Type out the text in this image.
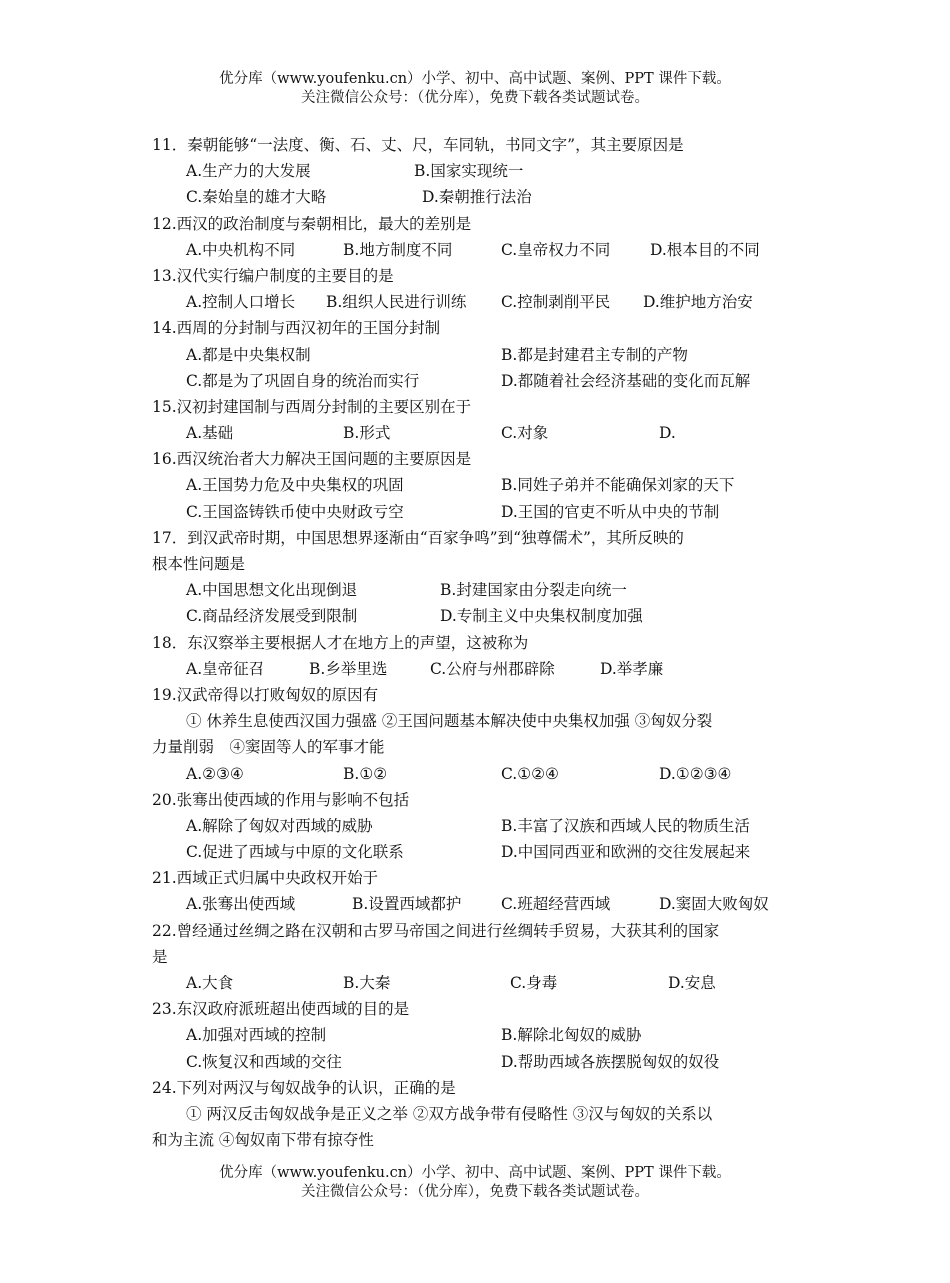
优分库（www.youfenku.cn）小学、初中、高中试题、案例、PPT 课件下载。
关注微信公众号：（优分库），免费下载各类试题试卷。
11．秦朝能够“一法度、衡、石、丈、尺，车同轨，书同文字”，其主要原因是
A.生产力的大发展	B.国家实现统一
C.秦始皇的雄才大略	D.秦朝推行法治
12.西汉的政治制度与秦朝相比，最大的差别是
A.中央机构不同	B.地方制度不同	C.皇帝权力不同	D.根本目的不同
13.汉代实行编户制度的主要目的是
A.控制人口增长 B.组织人民进行训练 C.控制剥削平民 D.维护地方治安
14.西周的分封制与西汉初年的王国分封制
A.都是中央集权制	B.都是封建君主专制的产物
C.都是为了巩固自身的统治而实行	D.都随着社会经济基础的变化而瓦解
15.汉初封建国制与西周分封制的主要区别在于
A.基础	B.形式	C.对象	D.
16.西汉统治者大力解决王国问题的主要原因是
A.王国势力危及中央集权的巩固	B.同姓子弟并不能确保刘家的天下
C.王国盗铸铁币使中央财政亏空	D.王国的官吏不听从中央的节制
17．到汉武帝时期，中国思想界逐渐由“百家争鸣”到“独尊儒术”，其所反映的
根本性问题是
A.中国思想文化出现倒退	B.封建国家由分裂走向统一
C.商品经济发展受到限制	D.专制主义中央集权制度加强
18．东汉察举主要根据人才在地方上的声望，这被称为
A.皇帝征召	B.乡举里选	C.公府与州郡辟除	D.举孝廉
19.汉武帝得以打败匈奴的原因有
① 休养生息使西汉国力强盛 ②王国问题基本解决使中央集权加强 ③匈奴分裂
力量削弱　④窦固等人的军事才能
A.②③④	B.①②	C.①②④	D.①②③④
20.张骞出使西域的作用与影响不包括
A.解除了匈奴对西域的威胁	B.丰富了汉族和西域人民的物质生活
C.促进了西域与中原的文化联系	D.中国同西亚和欧洲的交往发展起来
21.西域正式归属中央政权开始于
A.张骞出使西域	B.设置西域都护	C.班超经营西域	D.窦固大败匈奴
22.曾经通过丝绸之路在汉朝和古罗马帝国之间进行丝绸转手贸易，大获其利的国家
是
A.大食	B.大秦	C.身毒	D.安息
23.东汉政府派班超出使西域的目的是
A.加强对西域的控制	B.解除北匈奴的威胁
C.恢复汉和西域的交往	D.帮助西域各族摆脱匈奴的奴役
24.下列对两汉与匈奴战争的认识，正确的是
① 两汉反击匈奴战争是正义之举 ②双方战争带有侵略性 ③汉与匈奴的关系以
和为主流 ④匈奴南下带有掠夺性
优分库（www.youfenku.cn）小学、初中、高中试题、案例、PPT 课件下载。
关注微信公众号：（优分库），免费下载各类试题试卷。
